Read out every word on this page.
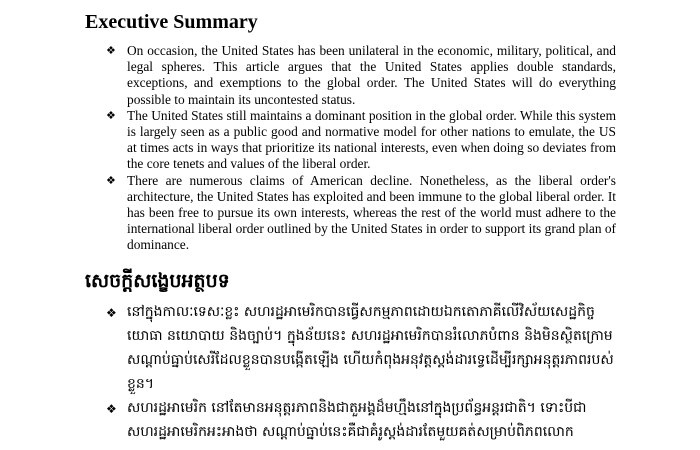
Executive Summary
❖ On occasion, the United States has been unilateral in the economic, military, political, and legal spheres. This article argues that the United States applies double standards, exceptions, and exemptions to the global order. The United States will do everything possible to maintain its uncontested status.
❖ The United States still maintains a dominant position in the global order. While this system is largely seen as a public good and normative model for other nations to emulate, the US at times acts in ways that prioritize its national interests, even when doing so deviates from the core tenets and values of the liberal order.
❖ There are numerous claims of American decline. Nonetheless, as the liberal order's architecture, the United States has exploited and been immune to the global liberal order. It has been free to pursue its own interests, whereas the rest of the world must adhere to the international liberal order outlined by the United States in order to support its grand plan of dominance.
សេចក្តីសង្ខេបអត្ថបទ
❖ នៅក្នុងកាលៈទេសៈខ្លះ សហរដ្ឋអាមេរិកបានធ្វើសកម្មភាពដោយឯកតោភាគីលើវិស័យសេដ្ឋកិច្ច យោធា នយោបាយ និងច្បាប់។ ក្នុងន័យនេះ សហរដ្ឋអាមេរិកបានរំលោភបំពាន និងមិនស្ថិតក្រោមសណ្តាប់ធ្នាប់សេរីដែលខ្លួនបានបង្កើតឡើង ហើយកំពុងអនុវត្តស្តង់ដារទ្វេដើម្បីរក្សាអនុត្តរភាពរបស់ខ្លួន។
❖ សហរដ្ឋអាមេរិក នៅតែមានអនុត្តរភាពនិងជាតួអង្គដ៏មហ្មឹងនៅក្នុងប្រព័ន្ធអន្តរជាតិ។ ទោះបីជាសហរដ្ឋអាមេរិកអះអាងថា សណ្តាប់ធ្នាប់នេះគឺជាគំរូស្តង់ដារតែមួយគត់សម្រាប់ពិភពលោក
